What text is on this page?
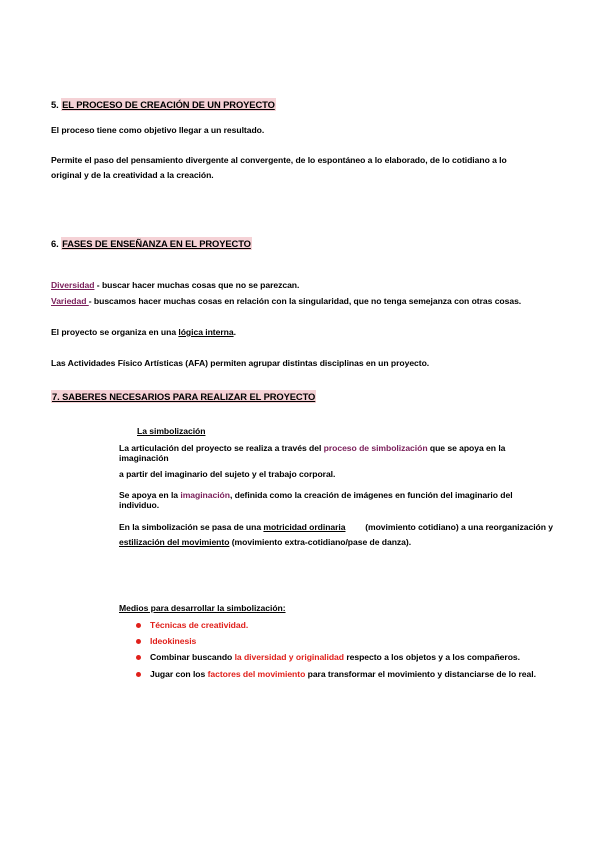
5. EL PROCESO DE CREACIÓN DE UN PROYECTO
El proceso tiene como objetivo llegar a un resultado.
Permite el paso del pensamiento divergente al convergente, de lo espontáneo a lo elaborado, de lo cotidiano a lo
original y de la creatividad a la creación.
6. FASES DE ENSEÑANZA EN EL PROYECTO
Diversidad - buscar hacer muchas cosas que no se parezcan.
Variedad - buscamos hacer muchas cosas en relación con la singularidad, que no tenga semejanza con otras cosas.
El proyecto se organiza en una lógica interna.
Las Actividades Físico Artísticas (AFA) permiten agrupar distintas disciplinas en un proyecto.
7. SABERES NECESARIOS PARA REALIZAR EL PROYECTO
La simbolización
La articulación del proyecto se realiza a través del proceso de simbolización que se apoya en la imaginación
a partir del imaginario del sujeto y el trabajo corporal.
Se apoya en la imaginación, definida como la creación de imágenes en función del imaginario del individuo.
En la simbolización se pasa de una motricidad ordinaria (movimiento cotidiano) a una reorganización y
estilización del movimiento (movimiento extra-cotidiano/pase de danza).
Medios para desarrollar la simbolización:
Técnicas de creatividad.
Ideokinesis
Combinar buscando la diversidad y originalidad respecto a los objetos y a los compañeros.
Jugar con los factores del movimiento para transformar el movimiento y distanciarse de lo real.
